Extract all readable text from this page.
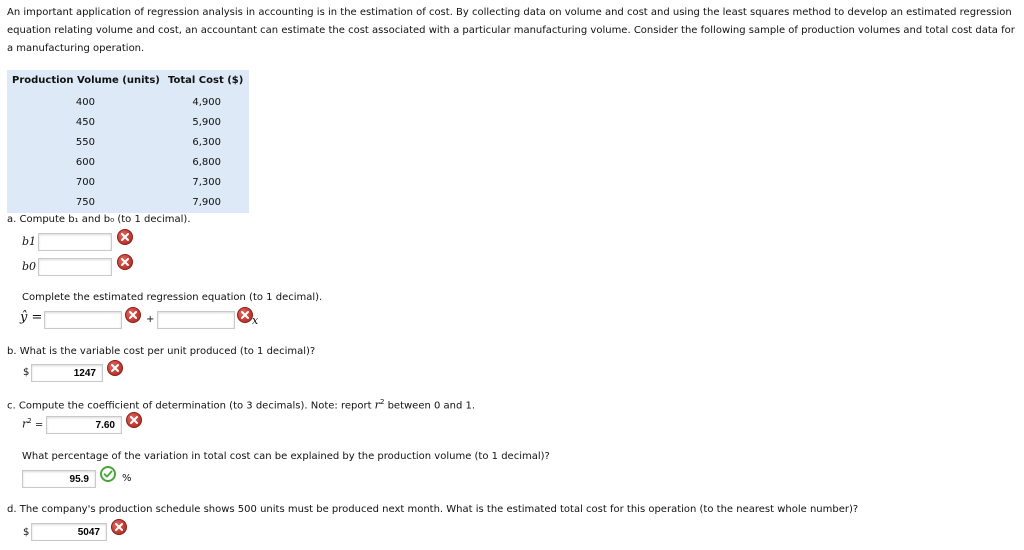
An important application of regression analysis in accounting is in the estimation of cost. By collecting data on volume and cost and using the least squares method to develop an estimated regression equation relating volume and cost, an accountant can estimate the cost associated with a particular manufacturing volume. Consider the following sample of production volumes and total cost data for a manufacturing operation.
Production Volume (units) Total Cost ($)
400	4,900
450	5,900
550	6,300
600	6,800
700	7,300
750	7,900
a. Compute b₁ and b₀ (to 1 decimal).
b1
b0
Complete the estimated regression equation (to 1 decimal).
ŷ =	+	x
b. What is the variable cost per unit produced (to 1 decimal)?
$
1247
c. Compute the coefficient of determination (to 3 decimals). Note: report $r^2$ between 0 and 1.
$r^2$ =
7.60
What percentage of the variation in total cost can be explained by the production volume (to 1 decimal)?
95.9
%
d. The company's production schedule shows 500 units must be produced next month. What is the estimated total cost for this operation (to the nearest whole number)?
$
5047
